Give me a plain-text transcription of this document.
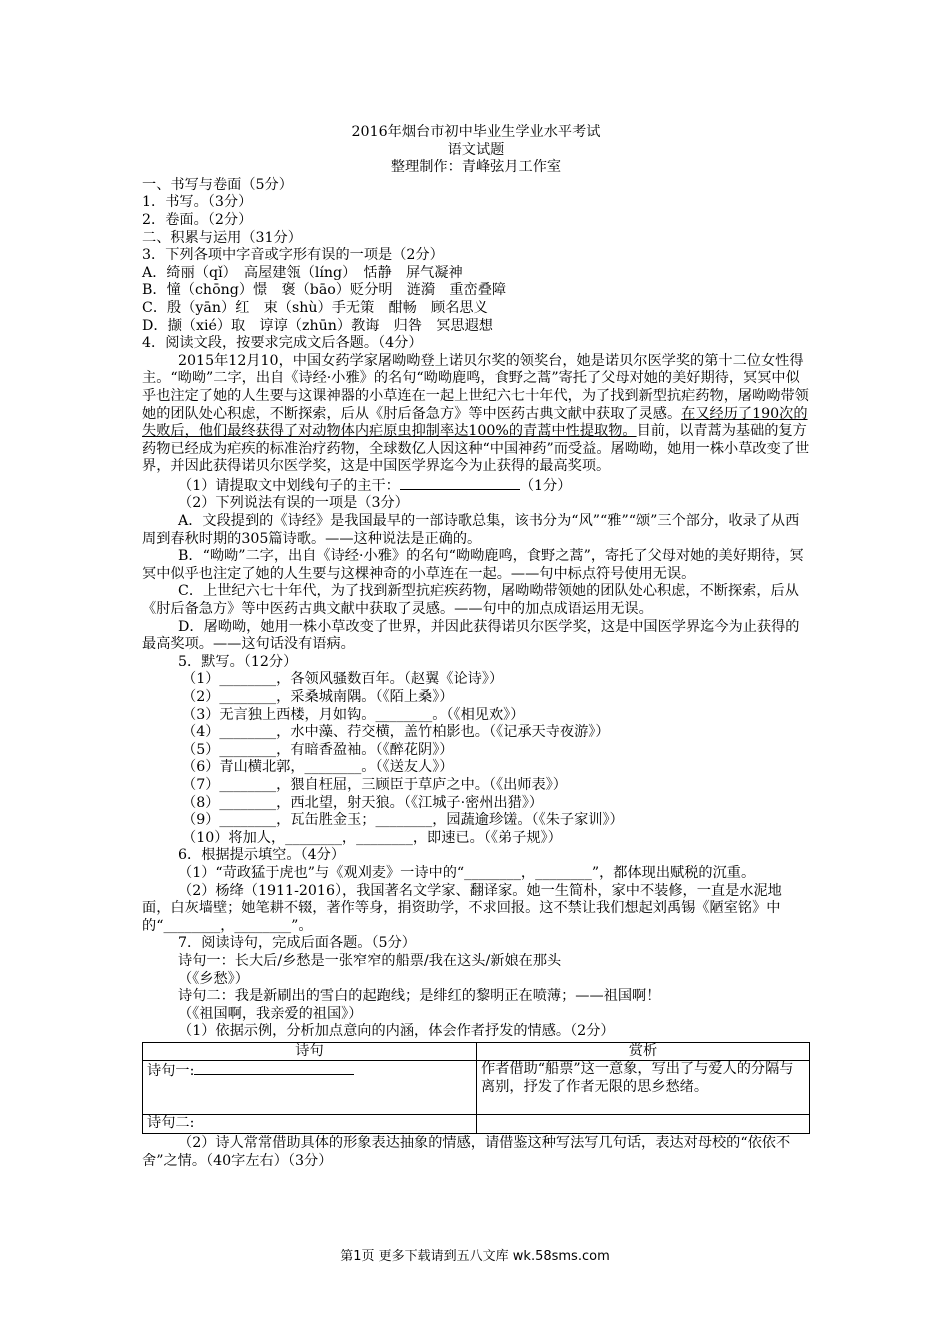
2016年烟台市初中毕业生学业水平考试
语文试题
整理制作：青峰弦月工作室
一、书写与卷面（5分）
1．书写。（3分）
2．卷面。（2分）
二、积累与运用（31分）
3．下列各项中字音或字形有误的一项是（2分）
A．绮丽（qǐ）　高屋建瓴（líng）　恬静　屏气凝神
B．憧（chōng）憬　褒（bāo）贬分明　涟漪　重峦叠障
C．殷（yān）红　束（shù）手无策　酣畅　顾名思义
D．撷（xié）取　谆谆（zhūn）教诲　归咎　冥思遐想
4．阅读文段，按要求完成文后各题。（4分）

2015年12月10，中国女药学家屠呦呦登上诺贝尔奖的领奖台，她是诺贝尔医学奖的第十二位女性得主。“呦呦”二字，出自《诗经·小雅》的名句“呦呦鹿鸣，食野之蒿”寄托了父母对她的美好期待，冥冥中似乎也注定了她的人生要与这课神器的小草连在一起上世纪六七十年代，为了找到新型抗疟药物，屠呦呦带领她的团队处心积虑，不断探索，后从《肘后备急方》等中医药古典文献中获取了灵感。在又经历了190次的失败后，他们最终获得了对动物体内疟原虫抑制率达100%的青蒿中性提取物。目前，以青蒿为基础的复方药物已经成为疟疾的标准治疗药物，全球数亿人因这种“中国神药”而受益。屠呦呦，她用一株小草改变了世界，并因此获得诺贝尔医学奖，这是中国医学界迄今为止获得的最高奖项。

（1）请提取文中划线句子的主干：	（1分）
（2）下列说法有误的一项是（3分）

A．文段提到的《诗经》是我国最早的一部诗歌总集，该书分为“风”“雅”“颂”三个部分，收录了从西周到春秋时期的305篇诗歌。——这种说法是正确的。

B．“呦呦”二字，出自《诗经·小雅》的名句“呦呦鹿鸣，食野之蒿”，寄托了父母对她的美好期待，冥冥中似乎也注定了她的人生要与这棵神奇的小草连在一起。——句中标点符号使用无误。

C．上世纪六七十年代，为了找到新型抗疟疾药物，屠呦呦带领她的团队处心积虑，不断探索，后从《肘后备急方》等中医药古典文献中获取了灵感。——句中的加点成语运用无误。

D．屠呦呦，她用一株小草改变了世界，并因此获得诺贝尔医学奖，这是中国医学界迄今为止获得的最高奖项。——这句话没有语病。

5．默写。（12分）
（1）________，各领风骚数百年。（赵翼《论诗》）
（2）________，采桑城南隅。（《陌上桑》）
（3）无言独上西楼，月如钩。________。（《相见欢》）
（4）________，水中藻、荇交横，盖竹柏影也。（《记承天寺夜游》）
（5）________，有暗香盈袖。（《醉花阴》）
（6）青山横北郭，________。（《送友人》）
（7）________，猥自枉屈，三顾臣于草庐之中。（《出师表》）
（8）________，西北望，射天狼。（《江城子·密州出猎》）
（9）________，瓦缶胜金玉；________，园蔬逾珍馐。（《朱子家训》）
（10）将加人，________，________，即速已。（《弟子规》）
6．根据提示填空。（4分）

（1）“苛政猛于虎也”与《观刈麦》一诗中的“________，________”，都体现出赋税的沉重。

（2）杨绛（1911-2016），我国著名文学家、翻译家。她一生简朴，家中不装修，一直是水泥地面，白灰墙壁；她笔耕不辍，著作等身，捐资助学，不求回报。这不禁让我们想起刘禹锡《陋室铭》中的“________，________”。

7．阅读诗句，完成后面各题。（5分）
诗句一：长大后/乡愁是一张窄窄的船票/我在这头/新娘在那头
（《乡愁》）
诗句二：我是新刷出的雪白的起跑线；是绯红的黎明正在喷薄；——祖国啊！
（《祖国啊，我亲爱的祖国》）
（1）依据示例，分析加点意向的内涵，体会作者抒发的情感。（2分）
诗句	赏析
诗句一:	作者借助“船票”这一意象，写出了与爱人的分隔与离别，抒发了作者无限的思乡愁绪。
诗句二:	

（2）诗人常常借助具体的形象表达抽象的情感，请借鉴这种写法写几句话，表达对母校的“依依不舍”之情。（40字左右）（3分）

第1页 更多下载请到五八文库 wk.58sms.com
